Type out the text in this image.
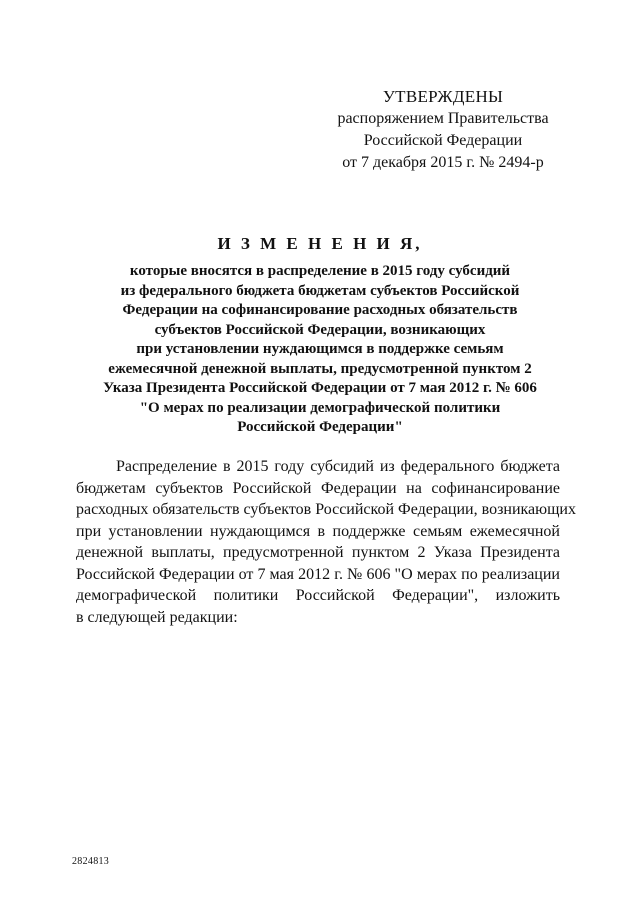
УТВЕРЖДЕНЫ
распоряжением Правительства
Российской Федерации
от 7 декабря 2015 г. № 2494-р
И З М Е Н Е Н И Я,
которые вносятся в распределение в 2015 году субсидий
из федерального бюджета бюджетам субъектов Российской
Федерации на софинансирование расходных обязательств
субъектов Российской Федерации, возникающих
при установлении нуждающимся в поддержке семьям
ежемесячной денежной выплаты, предусмотренной пунктом 2
Указа Президента Российской Федерации от 7 мая 2012 г. № 606
"О мерах по реализации демографической политики
Российской Федерации"
Распределение в 2015 году субсидий из федерального бюджета
бюджетам субъектов Российской Федерации на софинансирование
расходных обязательств субъектов Российской Федерации, возникающих
при установлении нуждающимся в поддержке семьям ежемесячной
денежной выплаты, предусмотренной пунктом 2 Указа Президента
Российской Федерации от 7 мая 2012 г. № 606 "О мерах по реализации
демографической политики Российской Федерации", изложить
в следующей редакции:
2824813
